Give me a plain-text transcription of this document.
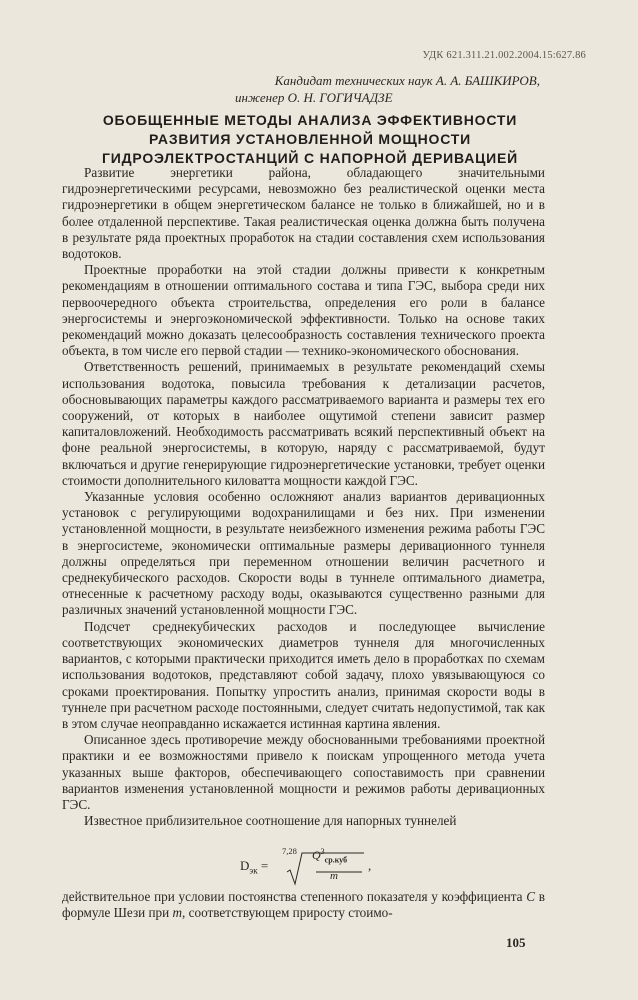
УДК 621.311.21.002.2004.15:627.86
Кандидат технических наук А. А. БАШКИРОВ,
инженер О. Н. ГОГИЧАДЗЕ
ОБОБЩЕННЫЕ МЕТОДЫ АНАЛИЗА ЭФФЕКТИВНОСТИ
РАЗВИТИЯ УСТАНОВЛЕННОЙ МОЩНОСТИ
ГИДРОЭЛЕКТРОСТАНЦИЙ С НАПОРНОЙ ДЕРИВАЦИЕЙ

Развитие энергетики района, обладающего значительными гидроэнергетическими ресурсами, невозможно без реалистической оценки места гидроэнергетики в общем энергетическом балансе не только в ближайшей, но и в более отдаленной перспективе. Такая реалистическая оценка должна быть получена в результате ряда проектных проработок на стадии составления схем использования водотоков.

Проектные проработки на этой стадии должны привести к конкретным рекомендациям в отношении оптимального состава и типа ГЭС, выбора среди них первоочередного объекта строительства, определения его роли в балансе энергосистемы и энергоэкономической эффективности. Только на основе таких рекомендаций можно доказать целесообразность составления технического проекта объекта, в том числе его первой стадии — технико-экономического обоснования.

Ответственность решений, принимаемых в результате рекомендаций схемы использования водотока, повысила требования к детализации расчетов, обосновывающих параметры каждого рассматриваемого варианта и размеры тех его сооружений, от которых в наиболее ощутимой степени зависит размер капиталовложений. Необходимость рассматривать всякий перспективный объект на фоне реальной энергосистемы, в которую, наряду с рассматриваемой, будут включаться и другие генерирующие гидроэнергетические установки, требует оценки стоимости дополнительного киловатта мощности каждой ГЭС.

Указанные условия особенно осложняют анализ вариантов деривационных установок с регулирующими водохранилищами и без них. При изменении установленной мощности, в результате неизбежного изменения режима работы ГЭС в энергосистеме, экономически оптимальные размеры деривационного туннеля должны определяться при переменном отношении величин расчетного и среднекубического расходов. Скорости воды в туннеле оптимального диаметра, отнесенные к расчетному расходу воды, оказываются существенно разными для различных значений установленной мощности ГЭС.

Подсчет среднекубических расходов и последующее вычисление соответствующих экономических диаметров туннеля для многочисленных вариантов, с которыми практически приходится иметь дело в проработках по схемам использования водотоков, представляют собой задачу, плохо увязывающуюся со сроками проектирования. Попытку упростить анализ, принимая скорости воды в туннеле при расчетном расходе постоянными, следует считать недопустимой, так как в этом случае неоправданно искажается истинная картина явления.

Описанное здесь противоречие между обоснованными требованиями проектной практики и ее возможностями привело к поискам упрощенного метода учета указанных выше факторов, обеспечивающего сопоставимость при сравнении вариантов изменения установленной мощности и режимов работы деривационных ГЭС.

Известное приблизительное соотношение для напорных туннелей

$D_{эк}$ =
7,28 $Q^3_{ср.куб}$
m
,

действительное при условии постоянства степенного показателя у коэффициента C в формуле Шези при m, соответствующем приросту стоимо-

105
